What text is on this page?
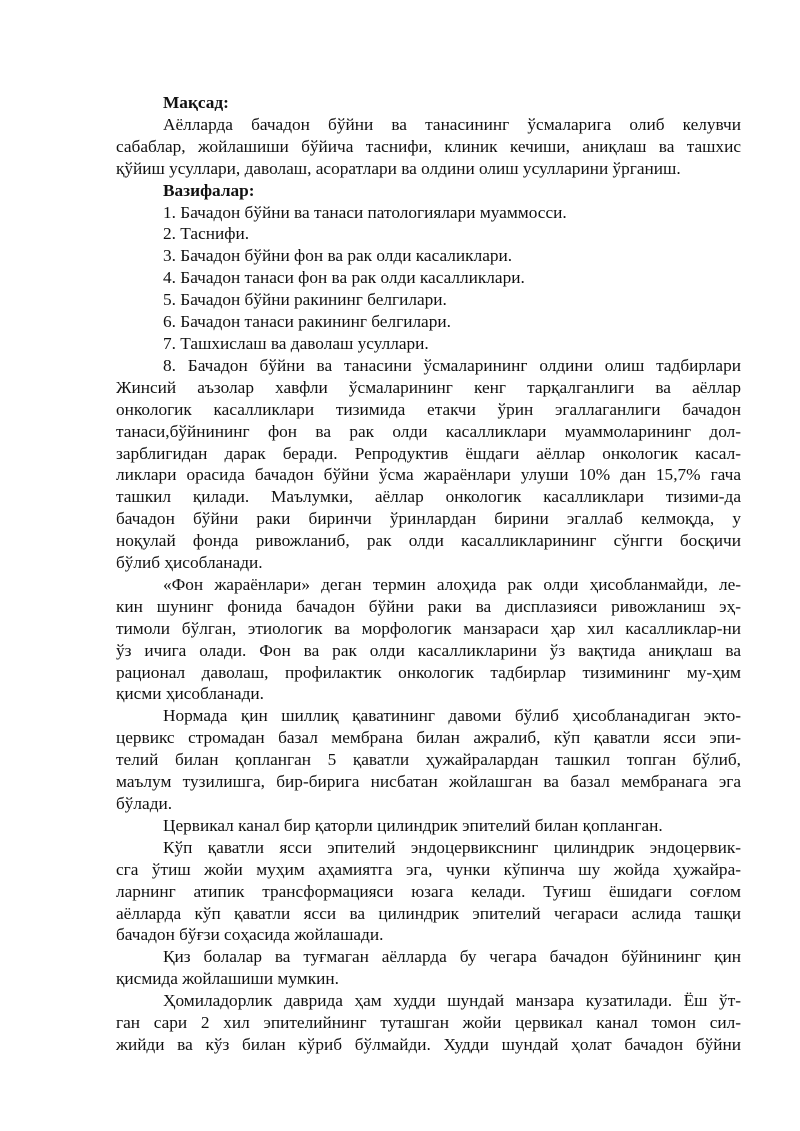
Мақсад:

Аёлларда бачадон бўйни ва танасининг ўсмаларига олиб келувчи
сабаблар, жойлашиши бўйича таснифи, клиник кечиши, аниқлаш ва ташхис
қўйиш усуллари, даволаш, асоратлари ва олдини олиш усулларини ўрганиш.

Вазифалар:

1. Бачадон бўйни ва танаси патологиялари муаммосси.

2. Таснифи.

3. Бачадон бўйни фон ва рак олди касаликлари.

4. Бачадон танаси фон ва рак олди касалликлари.

5. Бачадон бўйни ракининг белгилари.

6. Бачадон танаси ракининг белгилари.

7. Ташхислаш ва даволаш усуллари.

8. Бачадон бўйни ва танасини ўсмаларининг олдини олиш тадбирлари

Жинсий аъзолар хавфли ўсмаларининг кенг тарқалганлиги ва аёллар
онкологик касалликлари тизимида етакчи ўрин эгаллаганлиги бачадон
танаси,бўйнининг фон ва рак олди касалликлари муаммоларининг дол-
зарблигидан дарак беради. Репродуктив ёшдаги аёллар онкологик касал-
ликлари орасида бачадон бўйни ўсма жараёнлари улуши 10% дан 15,7% гача
ташкил қилади. Маълумки, аёллар онкологик касалликлари тизими-да
бачадон бўйни раки биринчи ўринлардан бирини эгаллаб келмоқда, у
ноқулай фонда ривожланиб, рак олди касалликларининг сўнгги босқичи
бўлиб ҳисобланади.

«Фон жараёнлари» деган термин алоҳида рак олди ҳисобланмайди, ле-
кин шунинг фонида бачадон бўйни раки ва дисплазияси ривожланиш эҳ-
тимоли бўлган, этиологик ва морфологик манзараси ҳар хил касалликлар-ни
ўз ичига олади. Фон ва рак олди касалликларини ўз вақтида аниқлаш ва
рационал даволаш, профилактик онкологик тадбирлар тизимининг му-ҳим
қисми ҳисобланади.

Нормада қин шиллиқ қаватининг давоми бўлиб ҳисобланадиган экто-
цервикс стромадан базал мембрана билан ажралиб, кўп қаватли ясси эпи-
телий билан қопланган 5 қаватли ҳужайралардан ташкил топган бўлиб,
маълум тузилишга, бир-бирига нисбатан жойлашган ва базал мембранага эга
бўлади.

Цервикал канал бир қаторли цилиндрик эпителий билан қопланган.

Кўп қаватли ясси эпителий эндоцервикснинг цилиндрик эндоцервик-
сга ўтиш жойи муҳим аҳамиятга эга, чунки кўпинча шу жойда ҳужайра-
ларнинг атипик трансформацияси юзага келади. Туғиш ёшидаги соғлом
аёлларда кўп қаватли ясси ва цилиндрик эпителий чегараси аслида ташқи
бачадон бўғзи соҳасида жойлашади.

Қиз болалар ва туғмаган аёлларда бу чегара бачадон бўйнининг қин
қисмида жойлашиши мумкин.

Ҳомиладорлик даврида ҳам худди шундай манзара кузатилади. Ёш ўт-
ган сари 2 хил эпителийнинг туташган жойи цервикал канал томон сил-
жийди ва кўз билан кўриб бўлмайди. Худди шундай ҳолат бачадон бўйни
